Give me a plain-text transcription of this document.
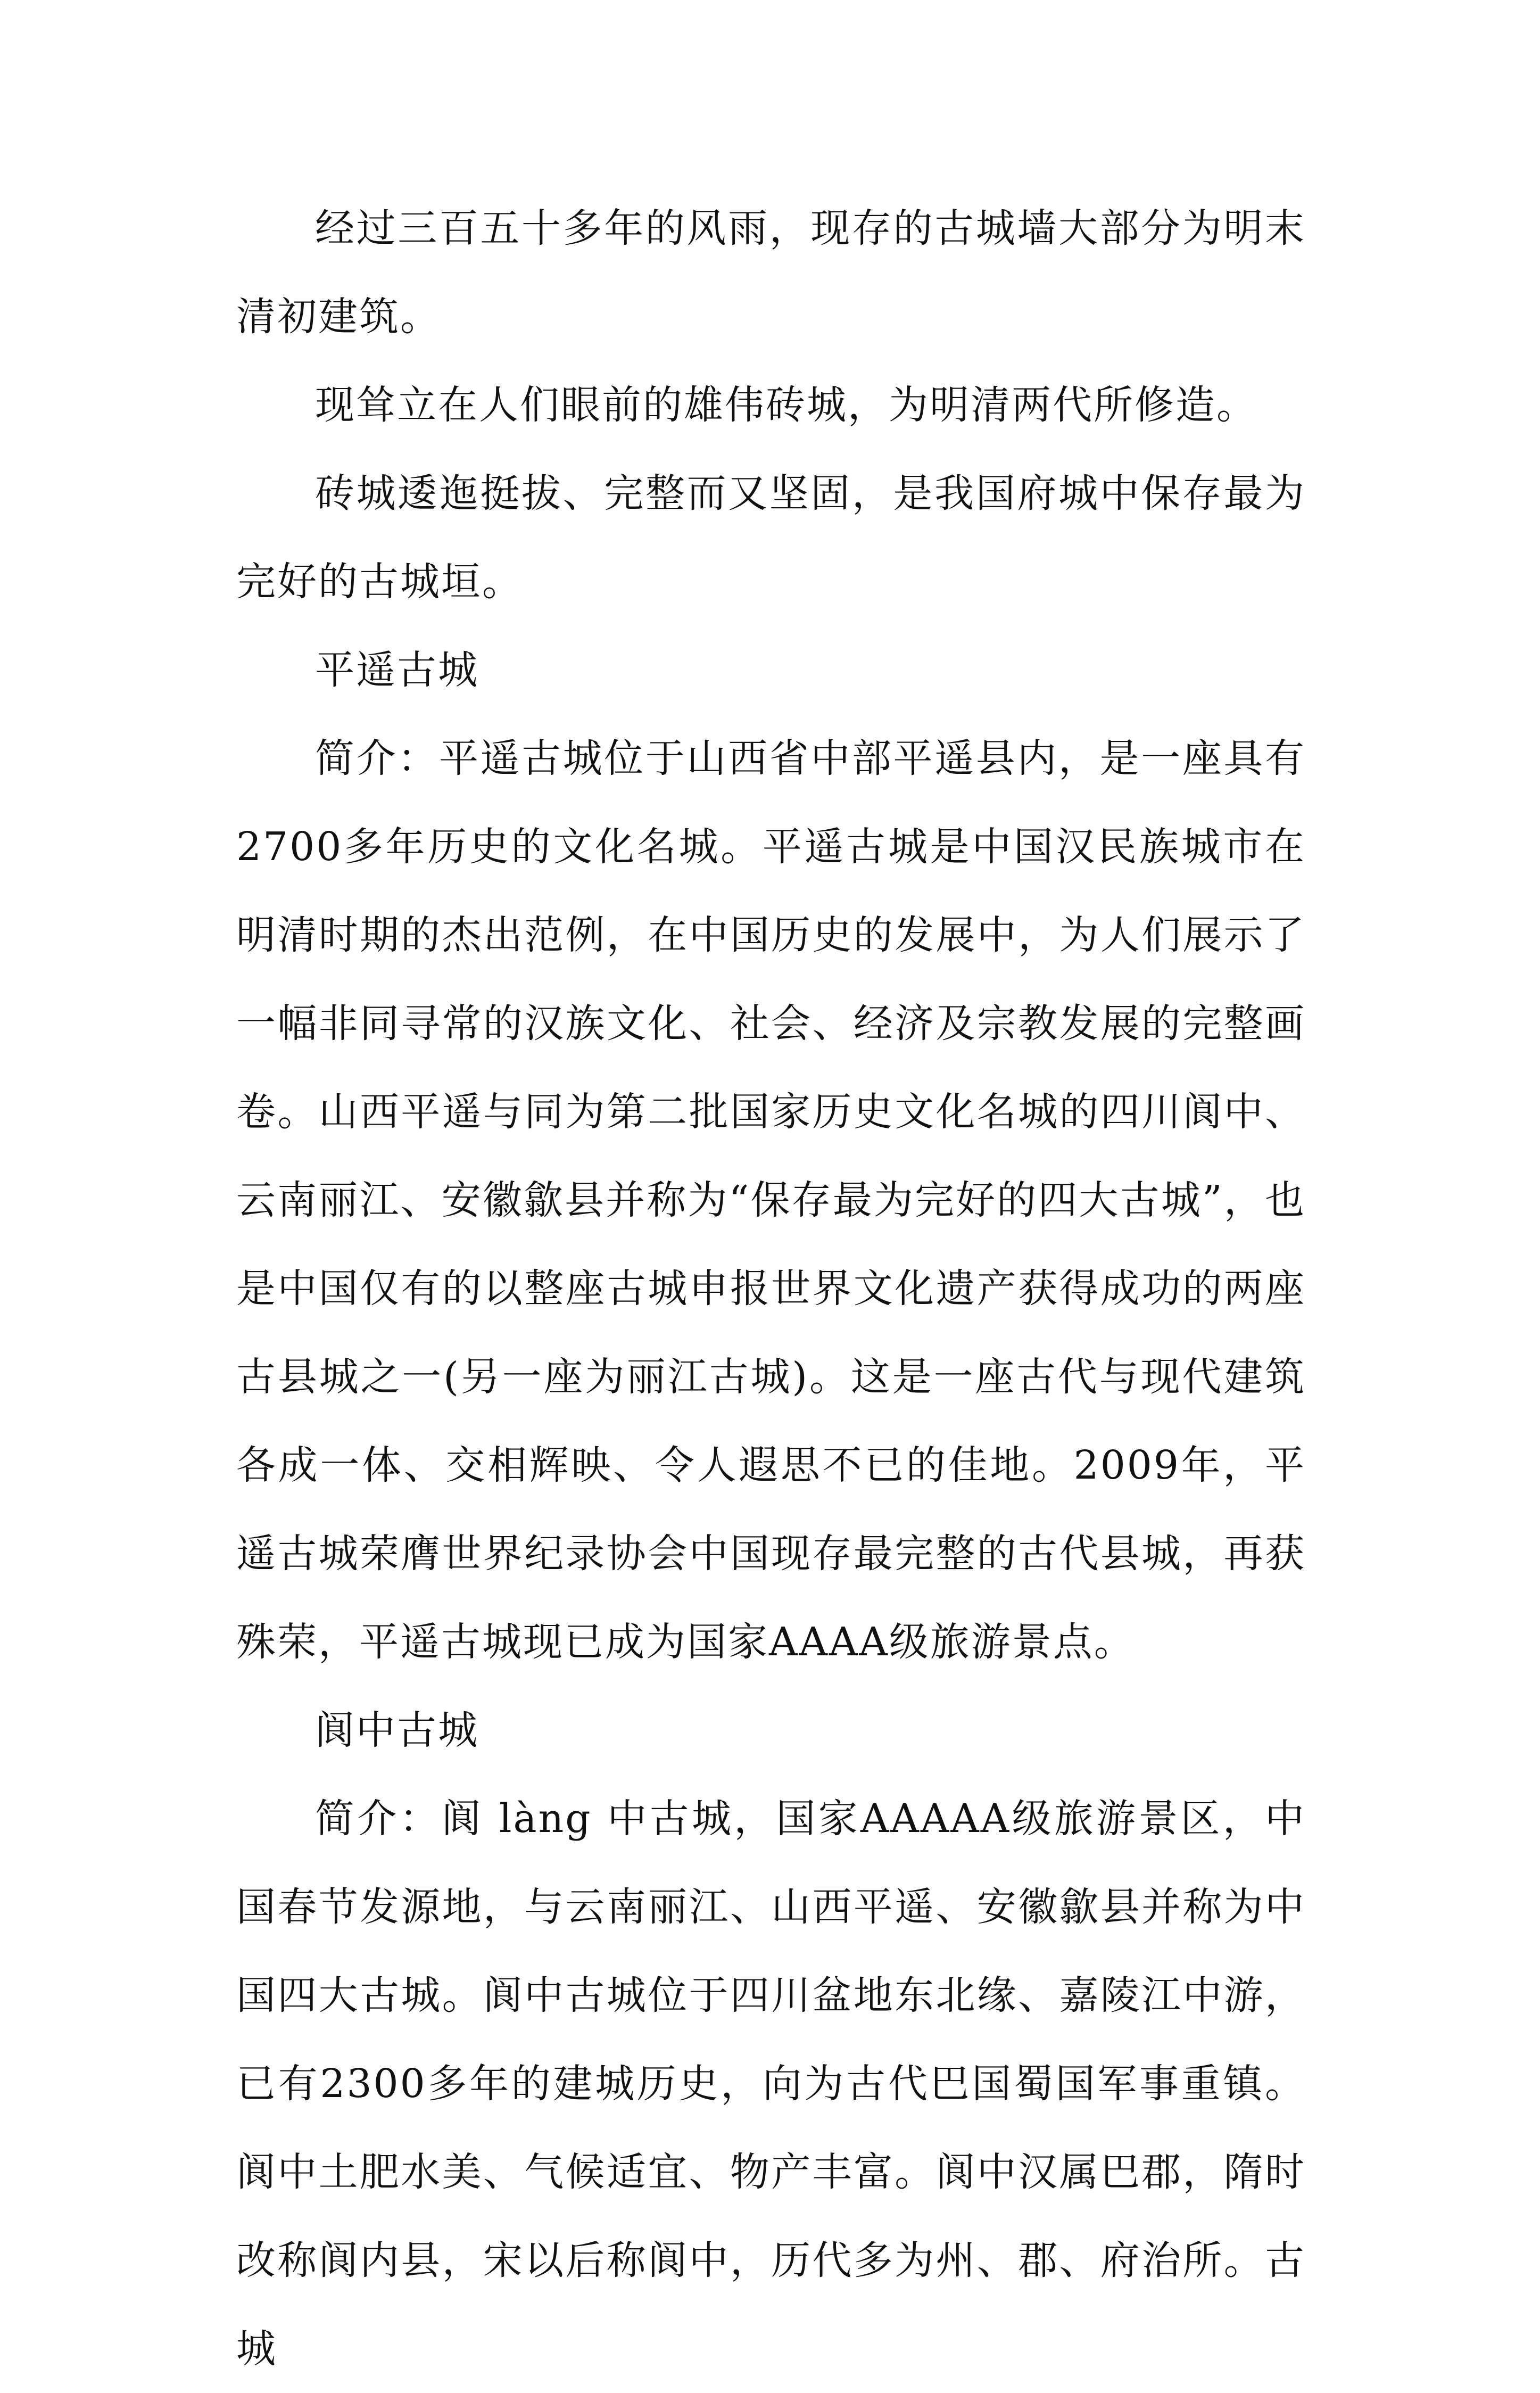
经过三百五十多年的风雨，现存的古城墙大部分为明末清初建筑。

现耸立在人们眼前的雄伟砖城，为明清两代所修造。

砖城逶迤挺拔、完整而又坚固，是我国府城中保存最为完好的古城垣。

平遥古城

简介：平遥古城位于山西省中部平遥县内，是一座具有2700多年历史的文化名城。平遥古城是中国汉民族城市在明清时期的杰出范例，在中国历史的发展中，为人们展示了一幅非同寻常的汉族文化、社会、经济及宗教发展的完整画卷。山西平遥与同为第二批国家历史文化名城的四川阆中、云南丽江、安徽歙县并称为“保存最为完好的四大古城”，也是中国仅有的以整座古城申报世界文化遗产获得成功的两座古县城之一(另一座为丽江古城)。这是一座古代与现代建筑各成一体、交相辉映、令人遐思不已的佳地。2009年，平遥古城荣膺世界纪录协会中国现存最完整的古代县城，再获殊荣，平遥古城现已成为国家AAAA级旅游景点。

阆中古城

简介：阆 làng 中古城，国家AAAAA级旅游景区，中国春节发源地，与云南丽江、山西平遥、安徽歙县并称为中国四大古城。阆中古城位于四川盆地东北缘、嘉陵江中游，已有2300多年的建城历史，向为古代巴国蜀国军事重镇。阆中土肥水美、气候适宜、物产丰富。阆中汉属巴郡，隋时改称阆内县，宋以后称阆中，历代多为州、郡、府治所。古城
